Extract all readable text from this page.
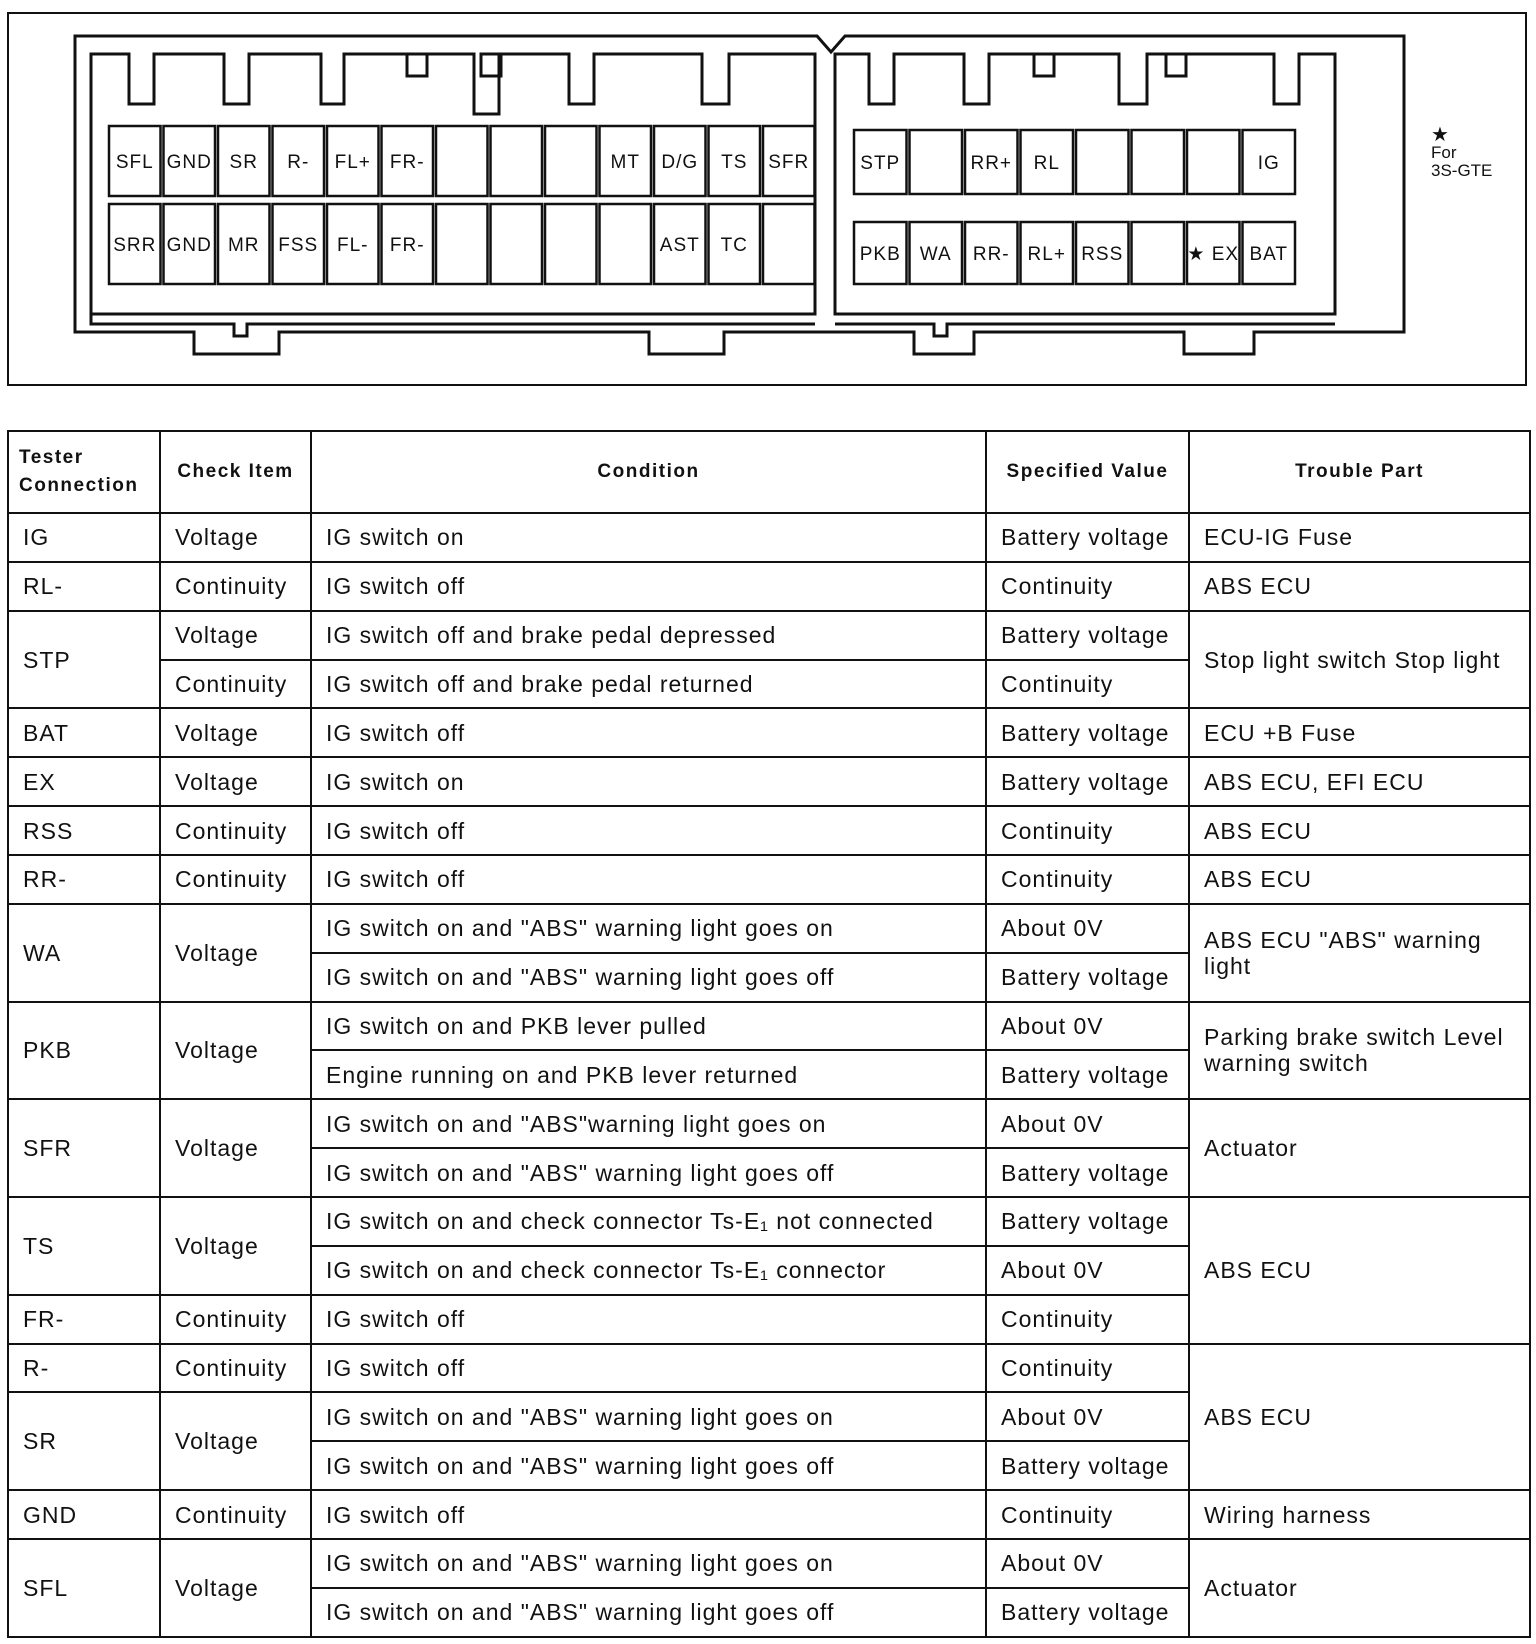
SFL GND SR R- FL+ FR-	MT D/G TS SFR
SRR GND MR FSS FL- FR-	AST TC
STP	RR+ RL	IG
PKB WA RR- RL+ RSS	★ EX BAT
★
For
3S-GTE
Tester
Connection	Check Item	Condition	Specified Value	Trouble Part
IG	Voltage	IG switch on	Battery voltage	ECU-IG Fuse
RL-	Continuity	IG switch off	Continuity	ABS ECU
STP	Voltage	IG switch off and brake pedal depressed	Battery voltage	Stop light switch Stop light
	Continuity	IG switch off and brake pedal returned	Continuity	
BAT	Voltage	IG switch off	Battery voltage	ECU +B Fuse
EX	Voltage	IG switch on	Battery voltage	ABS ECU, EFI ECU
RSS	Continuity	IG switch off	Continuity	ABS ECU
RR-	Continuity	IG switch off	Continuity	ABS ECU
WA	Voltage	IG switch on and "ABS" warning light goes on	About 0V	ABS ECU "ABS" warning light
		IG switch on and "ABS" warning light goes off	Battery voltage	
PKB	Voltage	IG switch on and PKB lever pulled	About 0V	Parking brake switch Level warning switch
		Engine running on and PKB lever returned	Battery voltage	
SFR	Voltage	IG switch on and "ABS"warning light goes on	About 0V	Actuator
		IG switch on and "ABS" warning light goes off	Battery voltage	
TS	Voltage	IG switch on and check connector Ts-E₁ not connected	Battery voltage	ABS ECU
		IG switch on and check connector Ts-E₁ connector	About 0V	
FR-	Continuity	IG switch off	Continuity	
R-	Continuity	IG switch off	Continuity	ABS ECU
SR	Voltage	IG switch on and "ABS" warning light goes on	About 0V	
		IG switch on and "ABS" warning light goes off	Battery voltage	
GND	Continuity	IG switch off	Continuity	Wiring harness
SFL	Voltage	IG switch on and "ABS" warning light goes on	About 0V	Actuator
		IG switch on and "ABS" warning light goes off	Battery voltage	
